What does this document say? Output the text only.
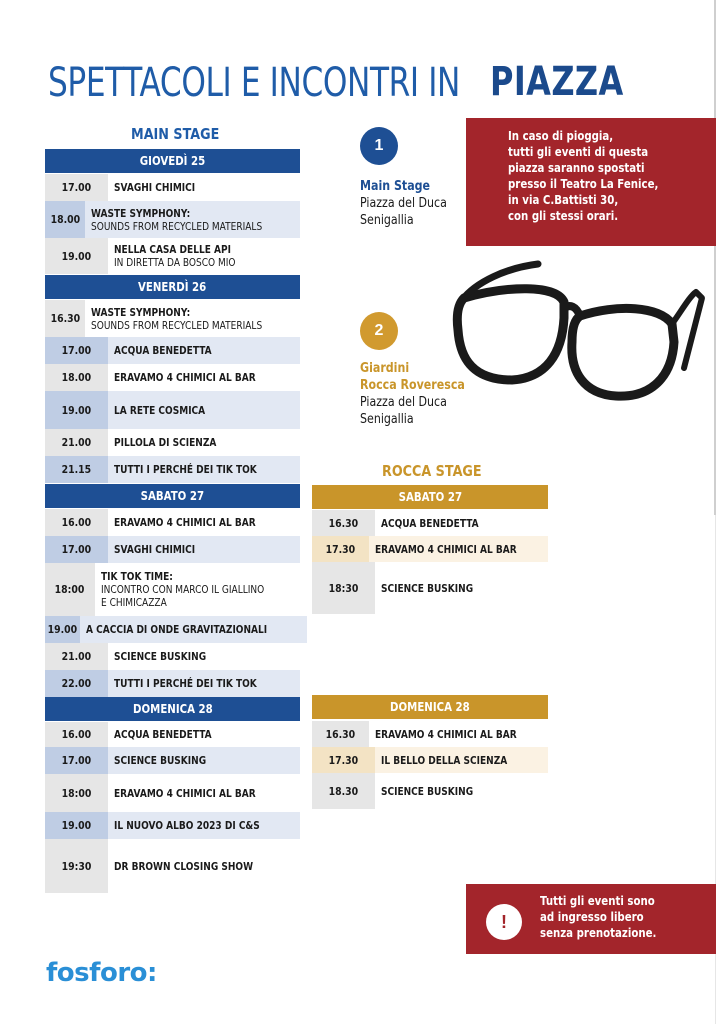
SPETTACOLI E INCONTRI IN PIAZZA
MAIN STAGE
ROCCA STAGE
GIOVEDÌ 25
17.00 SVAGHI CHIMICI
18.00 WASTE SYMPHONY:
SOUNDS FROM RECYCLED MATERIALS
19.00 NELLA CASA DELLE API
IN DIRETTA DA BOSCO MIO
VENERDÌ 26
16.30 WASTE SYMPHONY:
SOUNDS FROM RECYCLED MATERIALS
17.00 ACQUA BENEDETTA
18.00 ERAVAMO 4 CHIMICI AL BAR
19.00 LA RETE COSMICA
21.00 PILLOLA DI SCIENZA
21.15 TUTTI I PERCHÉ DEI TIK TOK
SABATO 27
16.00 ERAVAMO 4 CHIMICI AL BAR
17.00 SVAGHI CHIMICI
18:00
TIK TOK TIME:
INCONTRO CON MARCO IL GIALLINO
E CHIMICAZZA
19.00 A CACCIA DI ONDE GRAVITAZIONALI
21.00 SCIENCE BUSKING
22.00 TUTTI I PERCHÉ DEI TIK TOK
DOMENICA 28
16.00 ACQUA BENEDETTA
17.00 SCIENCE BUSKING
18:00 ERAVAMO 4 CHIMICI AL BAR
19.00 IL NUOVO ALBO 2023 DI C&S
19:30 DR BROWN CLOSING SHOW
SABATO 27
16.30 ACQUA BENEDETTA
17.30 ERAVAMO 4 CHIMICI AL BAR
18:30 SCIENCE BUSKING
DOMENICA 28
16.30 ERAVAMO 4 CHIMICI AL BAR
17.30 IL BELLO DELLA SCIENZA
18.30 SCIENCE BUSKING
1
Main Stage
Piazza del Duca
Senigallia
2
Giardini
Rocca Roveresca
Piazza del Duca
Senigallia
In caso di pioggia,
tutti gli eventi di questa
piazza saranno spostati
presso il Teatro La Fenice,
in via C.Battisti 30,
con gli stessi orari.
Tutti gli eventi sono
ad ingresso libero
senza prenotazione.
!
fosforo:
